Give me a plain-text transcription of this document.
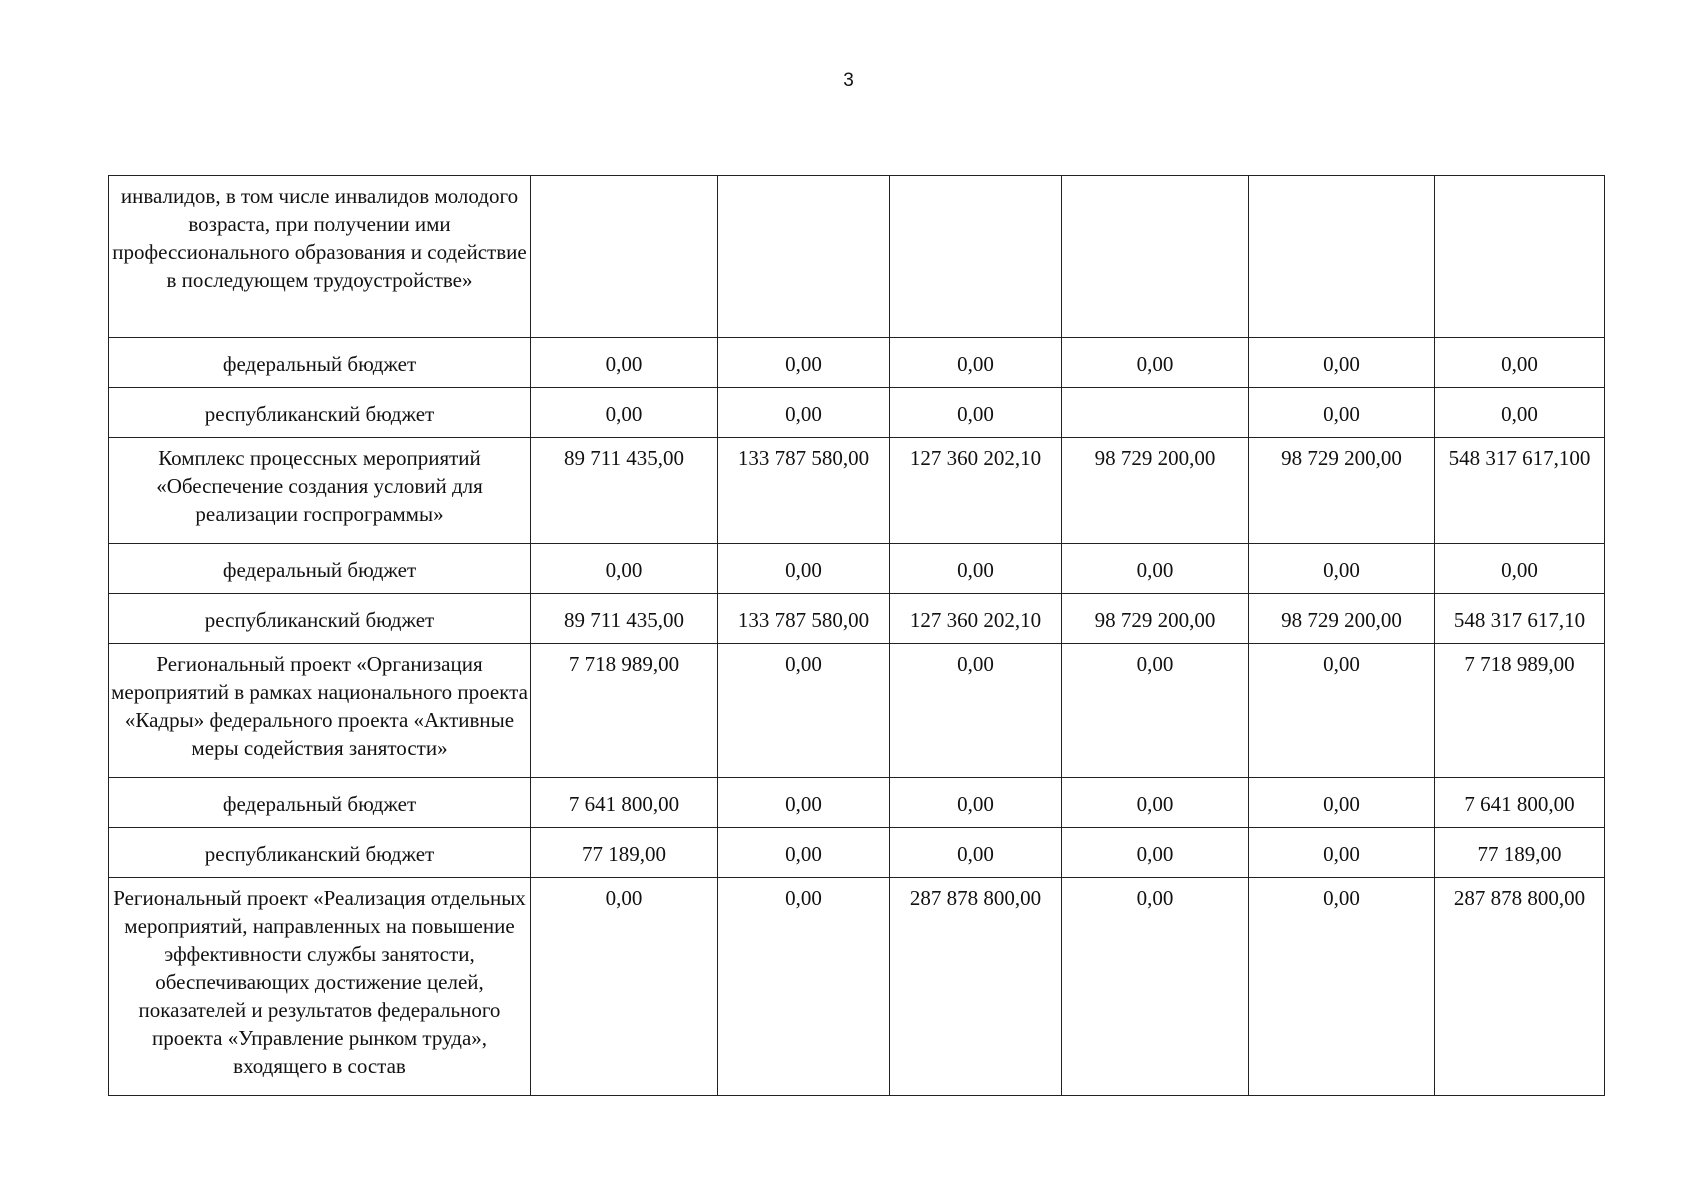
3
инвалидов, в том числе инвалидов молодого возраста, при получении ими профессионального образования и содействие в последующем трудоустройстве»						
федеральный бюджет	0,00	0,00	0,00	0,00	0,00	0,00
республиканский бюджет	0,00	0,00	0,00		0,00	0,00
Комплекс процессных мероприятий «Обеспечение создания условий для реализации госпрограммы»	89 711 435,00	133 787 580,00	127 360 202,10	98 729 200,00	98 729 200,00	548 317 617,100
федеральный бюджет	0,00	0,00	0,00	0,00	0,00	0,00
республиканский бюджет	89 711 435,00	133 787 580,00	127 360 202,10	98 729 200,00	98 729 200,00	548 317 617,10
Региональный проект «Организация мероприятий в рамках национального проекта «Кадры» федерального проекта «Активные меры содействия занятости»	7 718 989,00	0,00	0,00	0,00	0,00	7 718 989,00
федеральный бюджет	7 641 800,00	0,00	0,00	0,00	0,00	7 641 800,00
республиканский бюджет	77 189,00	0,00	0,00	0,00	0,00	77 189,00
Региональный проект «Реализация отдельных мероприятий, направленных на повышение эффективности службы занятости, обеспечивающих достижение целей, показателей и результатов федерального проекта «Управление рынком труда», входящего в состав	0,00	0,00	287 878 800,00	0,00	0,00	287 878 800,00
